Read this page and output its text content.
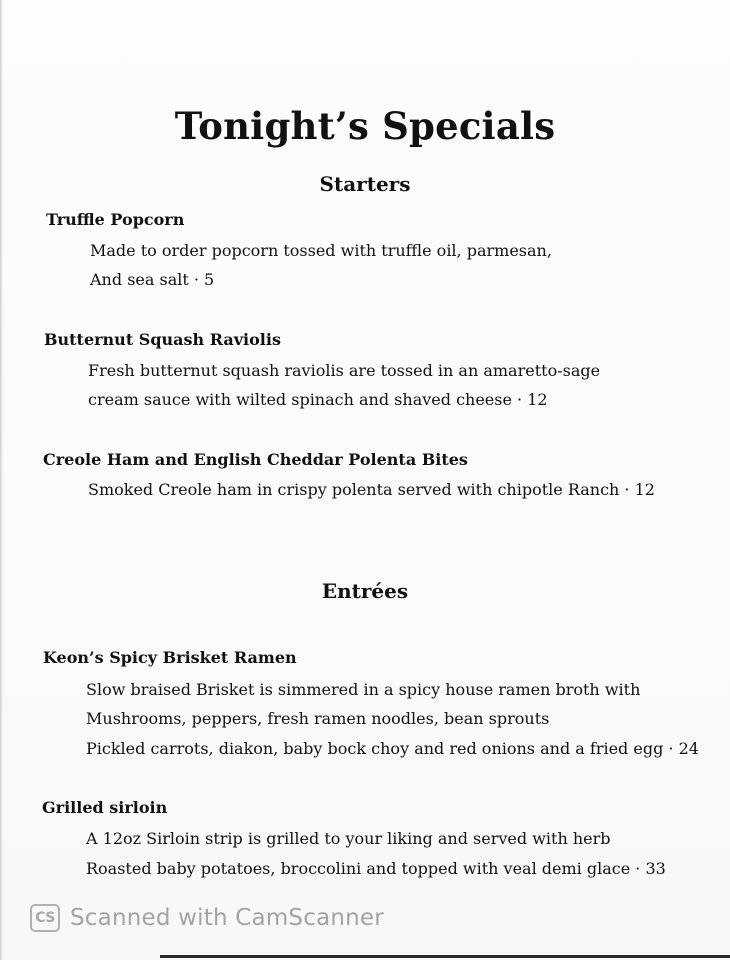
Tonight’s Specials
Starters
Truffle Popcorn
Made to order popcorn tossed with truffle oil, parmesan,
And sea salt · 5
Butternut Squash Raviolis
Fresh butternut squash raviolis are tossed in an amaretto-sage
cream sauce with wilted spinach and shaved cheese · 12
Creole Ham and English Cheddar Polenta Bites
Smoked Creole ham in crispy polenta served with chipotle Ranch · 12
Entrées
Keon’s Spicy Brisket Ramen
Slow braised Brisket is simmered in a spicy house ramen broth with
Mushrooms, peppers, fresh ramen noodles, bean sprouts
Pickled carrots, diakon, baby bock choy and red onions and a fried egg · 24
Grilled sirloin
A 12oz Sirloin strip is grilled to your liking and served with herb
Roasted baby potatoes, broccolini and topped with veal demi glace · 33
CS Scanned with CamScanner
